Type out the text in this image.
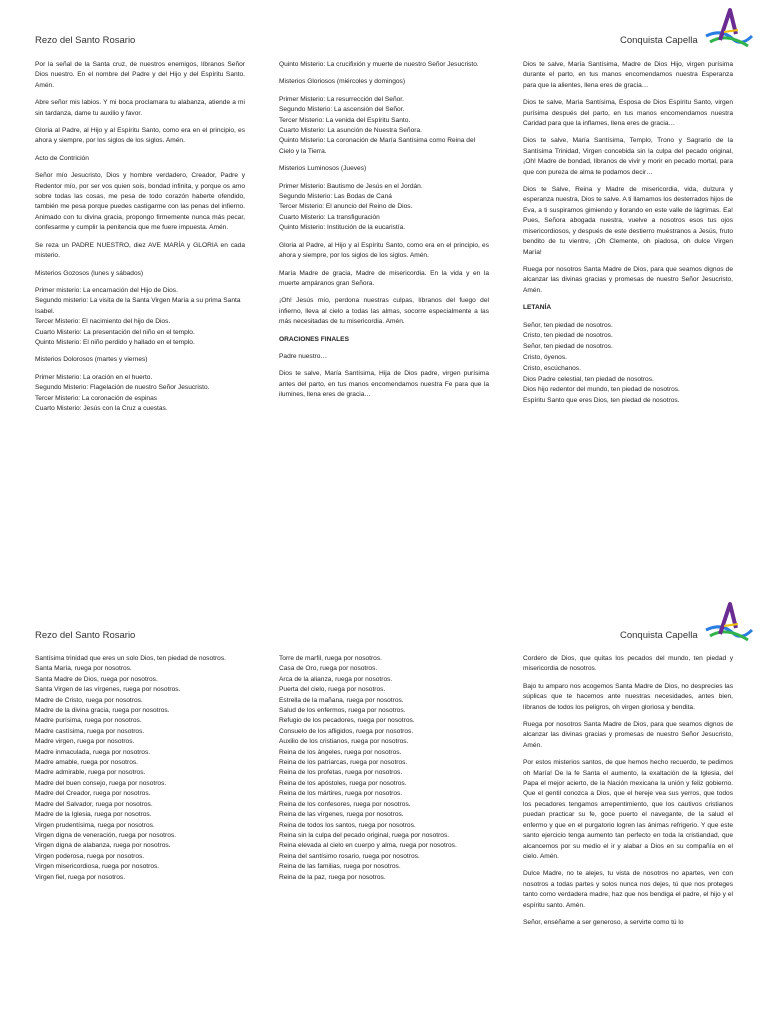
Rezo del Santo Rosario	Conquista Capella

Por la señal de la Santa cruz, de nuestros enemigos, líbranos Señor Dios nuestro. En el nombre del Padre y del Hijo y del Espíritu Santo. Amén.

Abre señor mis labios. Y mi boca proclamara tu alabanza, atiende a mi sin tardanza, dame tu auxilio y favor.

Gloria al Padre, al Hijo y al Espíritu Santo, como era en el principio, es ahora y siempre, por los siglos de los siglos. Amén.

Acto de Contrición

Señor mío Jesucristo, Dios y hombre verdadero, Creador, Padre y Redentor mío, por ser vos quien sois, bondad infinita, y porque os amo sobre todas las cosas, me pesa de todo corazón haberte ofendido, también me pesa porque puedes castigarme con las penas del infierno. Animado con tu divina gracia, propongo firmemente nunca más pecar, confesarme y cumplir la penitencia que me fuere impuesta. Amén.

Se reza un PADRE NUESTRO, diez AVE MARÍA y GLORIA en cada misterio.

Misterios Gozosos (lunes y sábados)
Primer misterio: La encarnación del Hijo de Dios.
Segundo misterio: La visita de la Santa Virgen María a su prima Santa Isabel.
Tercer Misterio: El nacimiento del hijo de Dios.
Cuarto Misterio: La presentación del niño en el templo.
Quinto Misterio: El niño perdido y hallado en el templo.
Misterios Dolorosos (martes y viernes)
Primer Misterio: La oración en el huerto.
Segundo Misterio: Flagelación de nuestro Señor Jesucristo.
Tercer Misterio: La coronación de espinas
Cuarto Misterio: Jesús con la Cruz a cuestas.

Quinto Misterio: La crucifixión y muerte de nuestro Señor Jesucristo.

Misterios Gloriosos (miércoles y domingos)
Primer Misterio: La resurrección del Señor.
Segundo Misterio: La ascensión del Señor.
Tercer Misterio: La venida del Espíritu Santo.
Cuarto Misterio: La asunción de Nuestra Señora.
Quinto Misterio: La coronación de María Santísima como Reina del Cielo y la Tierra.
Misterios Luminosos (Jueves)
Primer Misterio: Bautismo de Jesús en el Jordán.
Segundo Misterio: Las Bodas de Caná
Tercer Misterio: El anuncio del Reino de Dios.
Cuarto Misterio: La transfiguración
Quinto Misterio: Institución de la eucaristía.

Gloria al Padre, al Hijo y al Espíritu Santo, como era en el principio, es ahora y siempre, por los siglos de los siglos. Amén.

María Madre de gracia, Madre de misericordia. En la vida y en la muerte ampáranos gran Señora.

¡Oh! Jesús mío, perdona nuestras culpas, líbranos del fuego del infierno, lleva al cielo a todas las almas, socorre especialmente a las más necesitadas de tu misericordia. Amén.

ORACIONES FINALES
Padre nuestro…

Dios te salve, María Santísima, Hija de Dios padre, virgen purísima antes del parto, en tus manos encomendamos nuestra Fe para que la ilumines, llena eres de gracia…

Dios te salve, María Santísima, Madre de Dios Hijo, virgen purísima durante el parto, en tus manos encomendamos nuestra Esperanza para que la alientes, llena eres de gracia…

Dios te salve, María Santísima, Esposa de Dios Espíritu Santo, virgen purísima después del parto, en tus manos encomendamos nuestra Caridad para que la inflames, llena eres de gracia…

Dios te salve, María Santísima, Templo, Trono y Sagrario de la Santísima Trinidad, Virgen concebida sin la culpa del pecado original, ¡Oh! Madre de bondad, líbranos de vivir y morir en pecado mortal, para que con pureza de alma te podamos decir…

Dios te Salve, Reina y Madre de misericordia, vida, dulzura y esperanza nuestra, Dios te salve. A ti llamamos los desterrados hijos de Eva, a ti suspiramos gimiendo y llorando en este valle de lágrimas. Ea! Pues, Señora abogada nuestra, vuelve a nosotros esos tus ojos misericordiosos, y después de este destierro muéstranos a Jesús, fruto bendito de tu vientre, ¡Oh Clemente, oh piadosa, oh dulce Virgen María!

Ruega por nosotros Santa Madre de Dios, para que seamos dignos de alcanzar las divinas gracias y promesas de nuestro Señor Jesucristo, Amén.

LETANÍA
Señor, ten piedad de nosotros.
Cristo, ten piedad de nosotros.
Señor, ten piedad de nosotros.
Cristo, óyenos.
Cristo, escúchanos.
Dios Padre celestial, ten piedad de nosotros.
Dios hijo redentor del mundo, ten piedad de nosotros.
Espíritu Santo que eres Dios, ten piedad de nosotros.
Rezo del Santo Rosario	Conquista Capella
Santísima trinidad que eres un solo Dios, ten piedad de nosotros.
Santa María, ruega por nosotros.
Santa Madre de Dios, ruega por nosotros.
Santa Virgen de las vírgenes, ruega por nosotros.
Madre de Cristo, ruega por nosotros.
Madre de la divina gracia, ruega por nosotros.
Madre purísima, ruega por nosotros.
Madre castísima, ruega por nosotros.
Madre virgen, ruega por nosotros.
Madre inmaculada, ruega por nosotros.
Madre amable, ruega por nosotros.
Madre admirable, ruega por nosotros.
Madre del buen consejo, ruega por nosotros.
Madre del Creador, ruega por nosotros.
Madre del Salvador, ruega por nosotros.
Madre de la Iglesia, ruega por nosotros.
Virgen prudentísima, ruega por nosotros.
Virgen digna de veneración, ruega por nosotros.
Virgen digna de alabanza, ruega por nosotros.
Virgen poderosa, ruega por nosotros.
Virgen misericordiosa, ruega por nosotros.
Virgen fiel, ruega por nosotros.
Torre de marfil, ruega por nosotros.
Casa de Oro, ruega por nosotros.
Arca de la alianza, ruega por nosotros.
Puerta del cielo, ruega por nosotros.
Estrella de la mañana, ruega por nosotros.
Salud de los enfermos, ruega por nosotros.
Refugio de los pecadores, ruega por nosotros.
Consuelo de los afligidos, ruega por nosotros.
Auxilio de los cristianos, ruega por nosotros.
Reina de los ángeles, ruega por nosotros.
Reina de los patriarcas, ruega por nosotros.
Reina de los profetas, ruega por nosotros.
Reina de los apóstoles, ruega por nosotros.
Reina de los mártires, ruega por nosotros.
Reina de los confesores, ruega por nosotros.
Reina de las vírgenes, ruega por nosotros.
Reina de todos los santos, ruega por nosotros.
Reina sin la culpa del pecado original, ruega por nosotros.
Reina elevada al cielo en cuerpo y alma, ruega por nosotros.
Reina del santísimo rosario, ruega por nosotros.
Reina de las familias, ruega por nosotros.
Reina de la paz, ruega por nosotros.

Cordero de Dios, que quitas los pecados del mundo, ten piedad y misericordia de nosotros.

Bajo tu amparo nos acogemos Santa Madre de Dios, no desprecies las súplicas que te hacemos ante nuestras necesidades, antes bien, líbranos de todos los peligros, oh virgen gloriosa y bendita.

Ruega por nosotros Santa Madre de Dios, para que seamos dignos de alcanzar las divinas gracias y promesas de nuestro Señor Jesucristo, Amén.

Por estos misterios santos, de que hemos hecho recuerdo, te pedimos oh María! De la fe Santa el aumento, la exaltación de la Iglesia, del Papa el mejor acierto, de la Nación mexicana la unión y feliz gobierno. Que el gentil conozca a Dios, que el hereje vea sus yerros, que todos los pecadores tengamos arrepentimiento, que los cautivos cristianos puedan practicar su fe, goce puerto el navegante, de la salud el enfermo y que en el purgatorio logren las ánimas refrigerio. Y que este santo ejercicio tenga aumento tan perfecto en toda la cristiandad, que alcancemos por su medio el ir y alabar a Dios en su compañía en el cielo. Amén.

Dulce Madre, no te alejes, tu vista de nosotros no apartes, ven con nosotros a todas partes y solos nunca nos dejes, tú que nos proteges tanto como verdadera madre, haz que nos bendiga el padre, el hijo y el espíritu santo. Amén.

Señor, enséñame a ser generoso, a servirte como tú lo
